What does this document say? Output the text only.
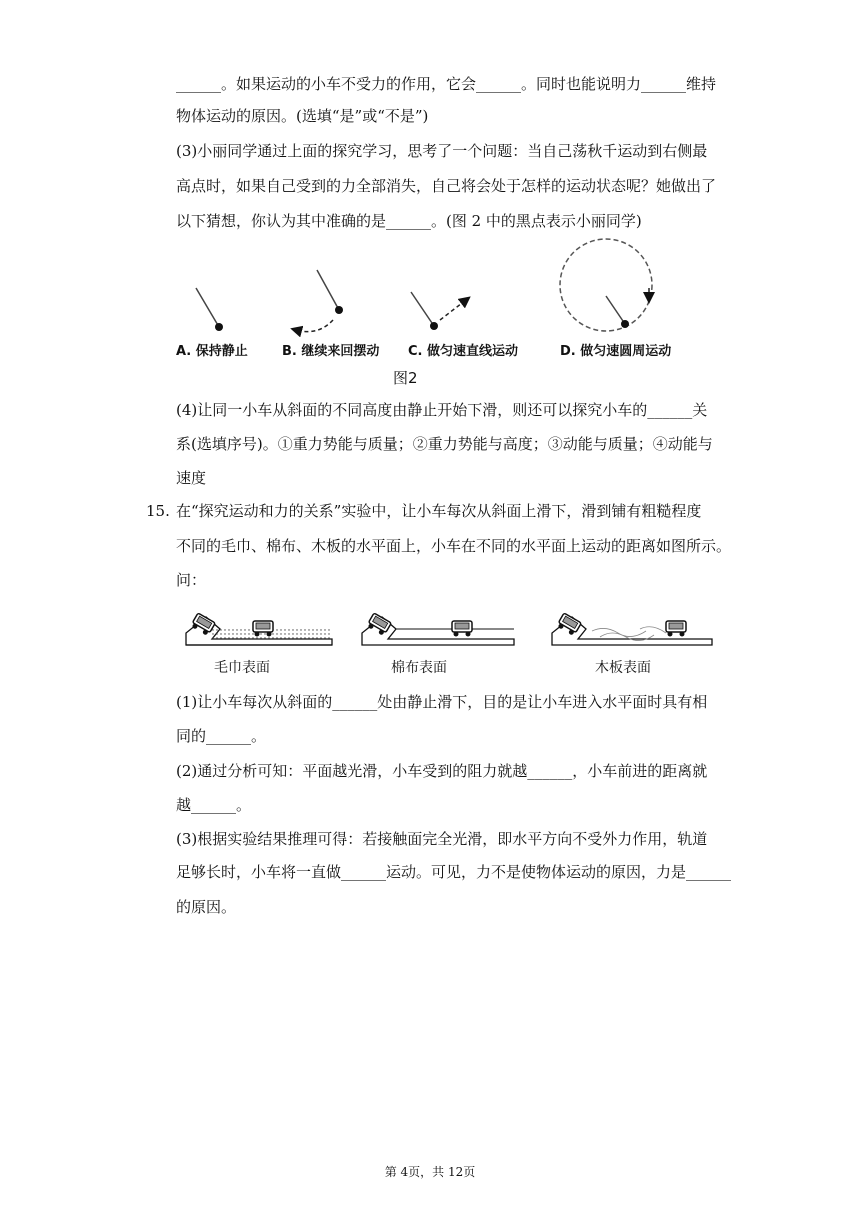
______。如果运动的小车不受力的作用，它会______。同时也能说明力______维持
物体运动的原因。(选填“是”或“不是”)
(3)小丽同学通过上面的探究学习，思考了一个问题：当自己荡秋千运动到右侧最
高点时，如果自己受到的力全部消失，自己将会处于怎样的运动状态呢？她做出了
以下猜想，你认为其中准确的是______。(图 2 中的黑点表示小丽同学)
A. 保持静止	B. 继续来回摆动 C. 做匀速直线运动	D. 做匀速圆周运动
图2
(4)让同一小车从斜面的不同高度由静止开始下滑，则还可以探究小车的______关
系(选填序号)。①重力势能与质量；②重力势能与高度；③动能与质量；④动能与
速度
15. 在“探究运动和力的关系”实验中，让小车每次从斜面上滑下，滑到铺有粗糙程度
不同的毛巾、棉布、木板的水平面上，小车在不同的水平面上运动的距离如图所示。
问：
毛巾表面	棉布表面	木板表面
(1)让小车每次从斜面的______处由静止滑下，目的是让小车进入水平面时具有相
同的______。
(2)通过分析可知：平面越光滑，小车受到的阻力就越______，小车前进的距离就
越______。
(3)根据实验结果推理可得：若接触面完全光滑，即水平方向不受外力作用，轨道
足够长时，小车将一直做______运动。可见，力不是使物体运动的原因，力是______
的原因。
第 4页，共 12页
